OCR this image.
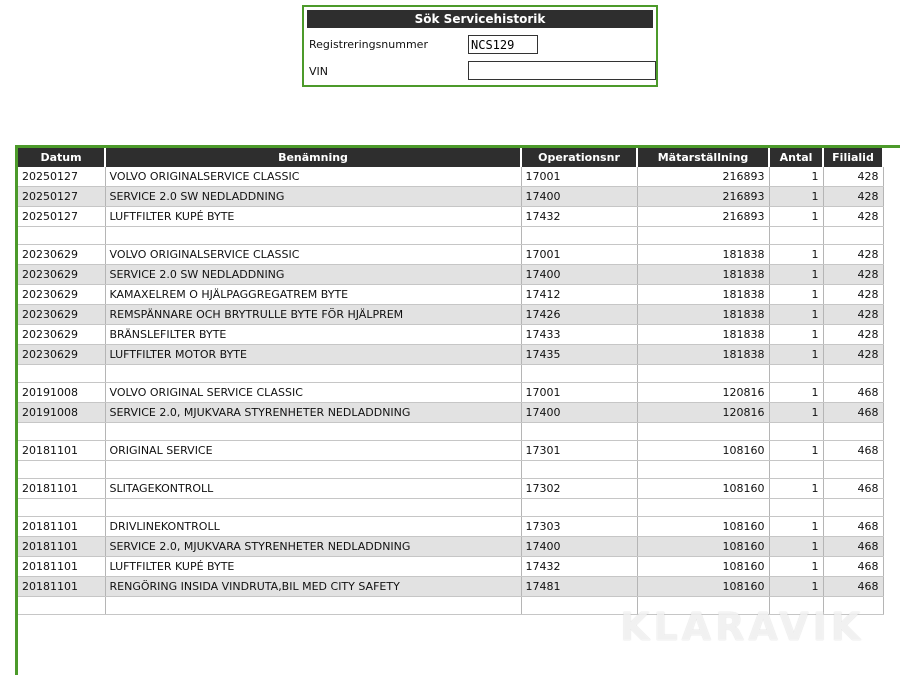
Sök Servicehistorik
Registreringsnummer
NCS129
VIN
Datum	Benämning	Operationsnr	Mätarställning	Antal	Filialid
20250127	VOLVO ORIGINALSERVICE CLASSIC	17001	216893	1	428
20250127	SERVICE 2.0 SW NEDLADDNING	17400	216893	1	428
20250127	LUFTFILTER KUPÉ BYTE	17432	216893	1	428

20230629	VOLVO ORIGINALSERVICE CLASSIC	17001	181838	1	428
20230629	SERVICE 2.0 SW NEDLADDNING	17400	181838	1	428
20230629	KAMAXELREM O HJÄLPAGGREGATREM BYTE	17412	181838	1	428
20230629	REMSPÄNNARE OCH BRYTRULLE BYTE FÖR HJÄLPREM	17426	181838	1	428
20230629	BRÄNSLEFILTER BYTE	17433	181838	1	428
20230629	LUFTFILTER MOTOR BYTE	17435	181838	1	428

20191008	VOLVO ORIGINAL SERVICE CLASSIC	17001	120816	1	468
20191008	SERVICE 2.0, MJUKVARA STYRENHETER NEDLADDNING	17400	120816	1	468

20181101	ORIGINAL SERVICE	17301	108160	1	468

20181101	SLITAGEKONTROLL	17302	108160	1	468

20181101	DRIVLINEKONTROLL	17303	108160	1	468
20181101	SERVICE 2.0, MJUKVARA STYRENHETER NEDLADDNING	17400	108160	1	468
20181101	LUFTFILTER KUPÉ BYTE	17432	108160	1	468
20181101	RENGÖRING INSIDA VINDRUTA,BIL MED CITY SAFETY	17481	108160	1	468

KLARAVIK
